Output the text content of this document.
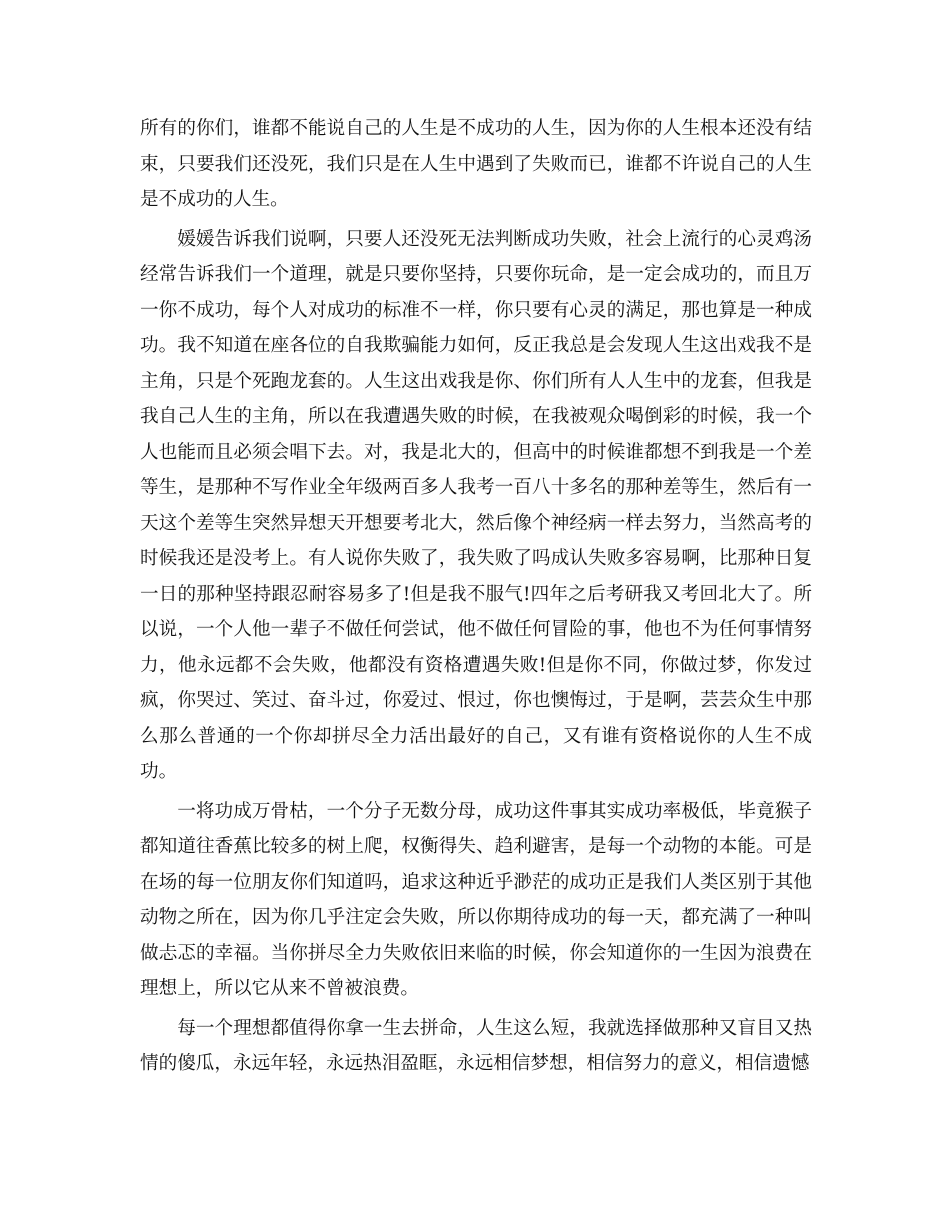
所有的你们，谁都不能说自己的人生是不成功的人生，因为你的人生根本还没有结束，只要我们还没死，我们只是在人生中遇到了失败而已，谁都不许说自己的人生是不成功的人生。

媛媛告诉我们说啊，只要人还没死无法判断成功失败，社会上流行的心灵鸡汤经常告诉我们一个道理，就是只要你坚持，只要你玩命，是一定会成功的，而且万一你不成功，每个人对成功的标准不一样，你只要有心灵的满足，那也算是一种成功。我不知道在座各位的自我欺骗能力如何，反正我总是会发现人生这出戏我不是主角，只是个死跑龙套的。人生这出戏我是你、你们所有人人生中的龙套，但我是我自己人生的主角，所以在我遭遇失败的时候，在我被观众喝倒彩的时候，我一个人也能而且必须会唱下去。对，我是北大的，但高中的时候谁都想不到我是一个差等生，是那种不写作业全年级两百多人我考一百八十多名的那种差等生，然后有一天这个差等生突然异想天开想要考北大，然后像个神经病一样去努力，当然高考的时候我还是没考上。有人说你失败了，我失败了吗成认失败多容易啊，比那种日复一日的那种坚持跟忍耐容易多了!但是我不服气!四年之后考研我又考回北大了。所以说，一个人他一辈子不做任何尝试，他不做任何冒险的事，他也不为任何事情努力，他永远都不会失败，他都没有资格遭遇失败!但是你不同，你做过梦，你发过疯，你哭过、笑过、奋斗过，你爱过、恨过，你也懊悔过，于是啊，芸芸众生中那么那么普通的一个你却拼尽全力活出最好的自己，又有谁有资格说你的人生不成功。

一将功成万骨枯，一个分子无数分母，成功这件事其实成功率极低，毕竟猴子都知道往香蕉比较多的树上爬，权衡得失、趋利避害，是每一个动物的本能。可是在场的每一位朋友你们知道吗，追求这种近乎渺茫的成功正是我们人类区别于其他动物之所在，因为你几乎注定会失败，所以你期待成功的每一天，都充满了一种叫做忐忑的幸福。当你拼尽全力失败依旧来临的时候，你会知道你的一生因为浪费在理想上，所以它从来不曾被浪费。

每一个理想都值得你拿一生去拼命，人生这么短，我就选择做那种又盲目又热情的傻瓜，永远年轻，永远热泪盈眶，永远相信梦想，相信努力的意义，相信遗憾
